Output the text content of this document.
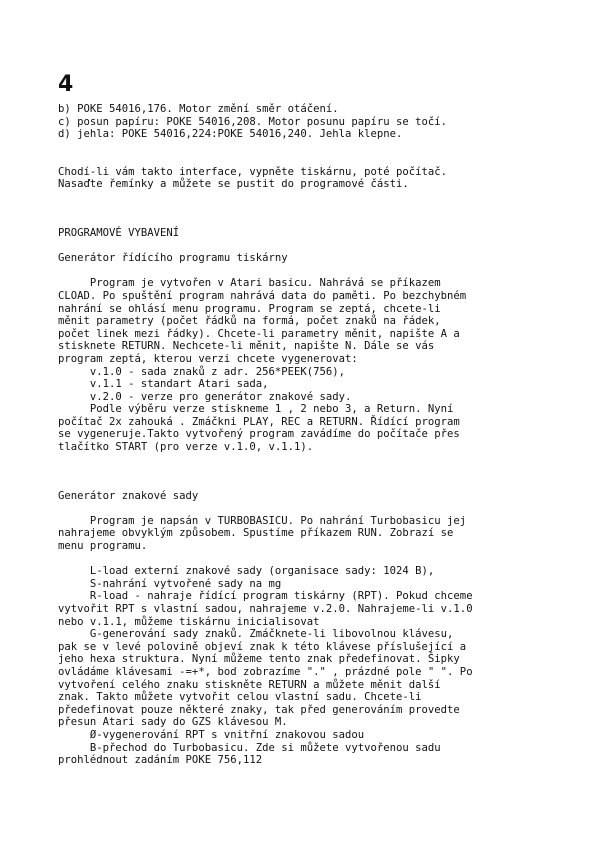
4
b) POKE 54016,176. Motor změní směr otáčení.
c) posun papíru: POKE 54016,208. Motor posunu papíru se točí.
d) jehla: POKE 54016,224:POKE 54016,240. Jehla klepne.
Chodí-li vám takto interface, vypněte tiskárnu, poté počítač.
Nasaďte řemínky a můžete se pustit do programové části.
PROGRAMOVÉ VYBAVENÍ
Generátor řídícího programu tiskárny
Program je vytvořen v Atari basicu. Nahrává se příkazem
CLOAD. Po spuštění program nahrává data do paměti. Po bezchybném
nahrání se ohlásí menu programu. Program se zeptá, chcete-li
měnit parametry (počet řádků na formá, počet znaků na řádek,
počet linek mezi řádky). Chcete-li parametry měnit, napište A a
stisknete RETURN. Nechcete-li měnit, napište N. Dále se vás
program zeptá, kterou verzi chcete vygenerovat:
v.1.0 - sada znaků z adr. 256*PEEK(756),
v.1.1 - standart Atari sada,
v.2.0 - verze pro generátor znakové sady.
Podle výběru verze stiskneme 1 , 2 nebo 3, a Return. Nyní
počítač 2x zahouká . Zmáčkni PLAY, REC a RETURN. Řídící program
se vygeneruje.Takto vytvořený program zavádíme do počítače přes
tlačítko START (pro verze v.1.0, v.1.1).
Generátor znakové sady
Program je napsán v TURBOBASICU. Po nahrání Turbobasicu jej
nahrajeme obvyklým způsobem. Spustíme příkazem RUN. Zobrazí se
menu programu.
L-load externí znakové sady (organisace sady: 1024 B),
S-nahrání vytvořené sady na mg
R-load - nahraje řídící program tiskárny (RPT). Pokud chceme
vytvořit RPT s vlastní sadou, nahrajeme v.2.0. Nahrajeme-li v.1.0
nebo v.1.1, můžeme tiskárnu inicialisovat
G-generování sady znaků. Zmáčknete-li libovolnou klávesu,
pak se v levé polovině objeví znak k této klávese příslušející a
jeho hexa struktura. Nyní můžeme tento znak předefinovat. Šipky
ovládáme klávesami -=+*, bod zobrazíme "." , prázdné pole " ". Po
vytvoření celého znaku stiskněte RETURN a můžete měnit další
znak. Takto můžete vytvořit celou vlastní sadu. Chcete-li
předefinovat pouze některé znaky, tak před generováním provedte
přesun Atari sady do GZS klávesou M.
Ø-vygenerování RPT s vnitřní znakovou sadou
B-přechod do Turbobasicu. Zde si můžete vytvořenou sadu
prohlédnout zadáním POKE 756,112
